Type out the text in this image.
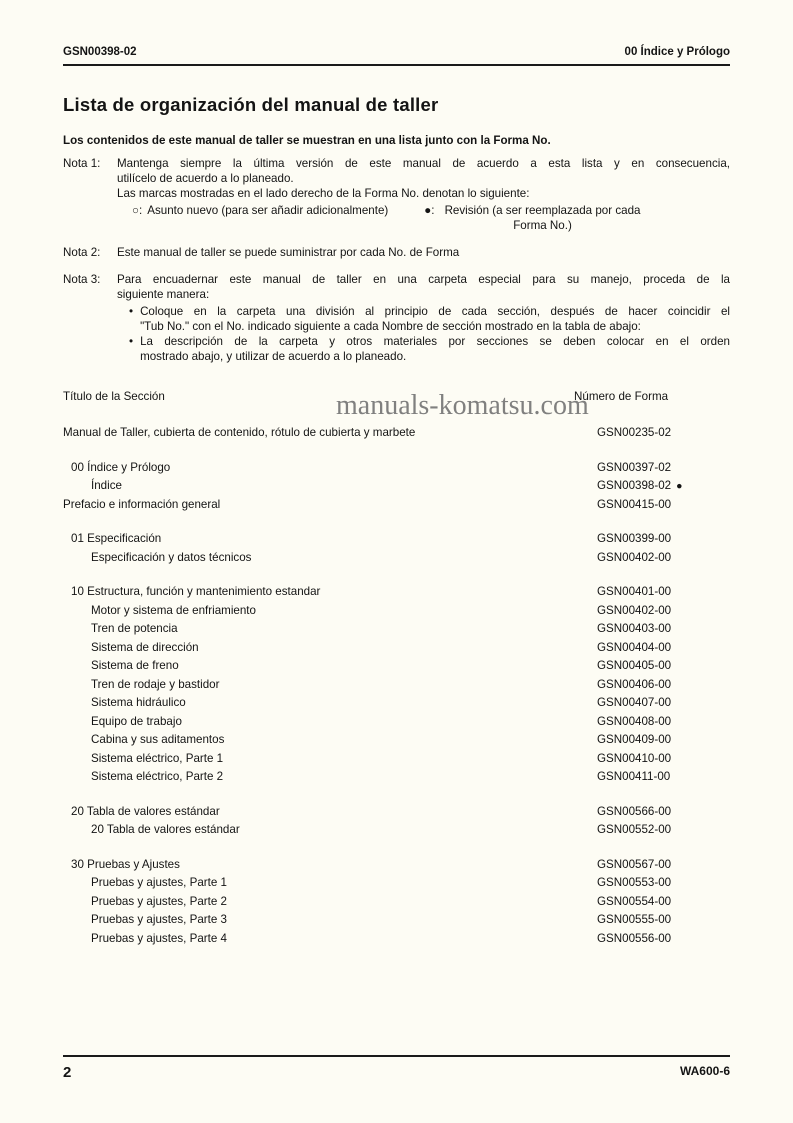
GSN00398-02	00 Índice y Prólogo
Lista de organización del manual de taller

Los contenidos de este manual de taller se muestran en una lista junto con la Forma No.

Nota 1:	Mantenga siempre la última versión de este manual de acuerdo a esta lista y en consecuencia,
utilícelo de acuerdo a lo planeado.
Las marcas mostradas en el lado derecho de la Forma No. denotan lo siguiente:
○: Asunto nuevo (para ser añadir adicionalmente)	●: Revisión (a ser reemplazada por cada Forma No.)
Nota 2:	Este manual de taller se puede suministrar por cada No. de Forma
Nota 3:	Para encuadernar este manual de taller en una carpeta especial para su manejo, proceda de la
siguiente manera:
• Coloque en la carpeta una división al principio de cada sección, después de hacer coincidir el
"Tub No." con el No. indicado siguiente a cada Nombre de sección mostrado en la tabla de abajo:
• La descripción de la carpeta y otros materiales por secciones se deben colocar en el orden
mostrado abajo, y utilizar de acuerdo a lo planeado.
Título de la Sección	Número de Forma
Manual de Taller, cubierta de contenido, rótulo de cubierta y marbete	GSN00235-02
00 Índice y Prólogo	GSN00397-02
Índice	GSN00398-02 ●
Prefacio e información general	GSN00415-00
01 Especificación	GSN00399-00
Especificación y datos técnicos	GSN00402-00
10 Estructura, función y mantenimiento estandar	GSN00401-00
Motor y sistema de enfriamiento	GSN00402-00
Tren de potencia	GSN00403-00
Sistema de dirección	GSN00404-00
Sistema de freno	GSN00405-00
Tren de rodaje y bastidor	GSN00406-00
Sistema hidráulico	GSN00407-00
Equipo de trabajo	GSN00408-00
Cabina y sus aditamentos	GSN00409-00
Sistema eléctrico, Parte 1	GSN00410-00
Sistema eléctrico, Parte 2	GSN00411-00
20 Tabla de valores estándar	GSN00566-00
20 Tabla de valores estándar	GSN00552-00
30 Pruebas y Ajustes	GSN00567-00
Pruebas y ajustes, Parte 1	GSN00553-00
Pruebas y ajustes, Parte 2	GSN00554-00
Pruebas y ajustes, Parte 3	GSN00555-00
Pruebas y ajustes, Parte 4	GSN00556-00
manuals-komatsu.com
2	WA600-6
